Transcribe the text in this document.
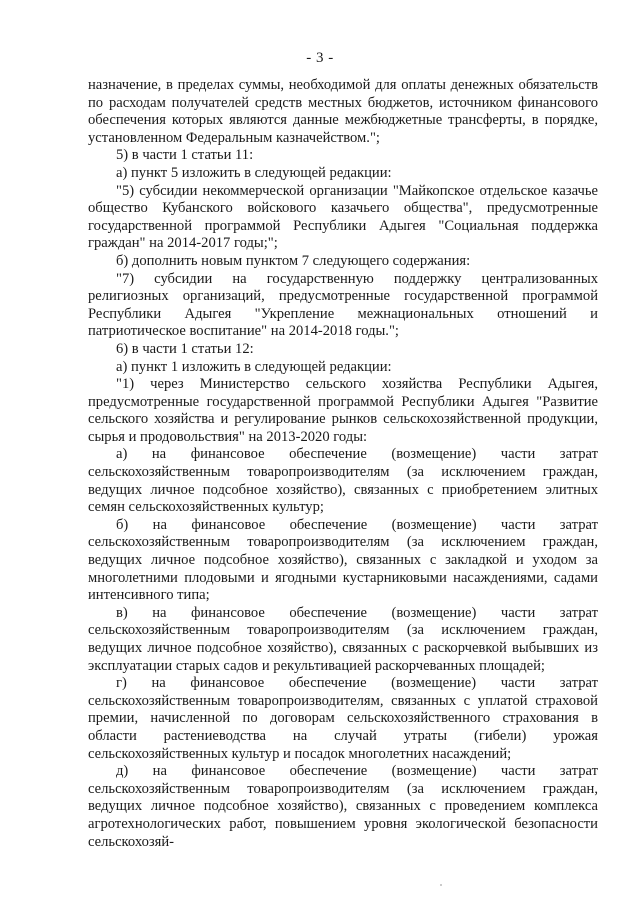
- 3 -

назначение, в пределах суммы, необходимой для оплаты денежных обязательств по расходам получателей средств местных бюджетов, источником финансового обеспечения которых являются данные межбюджетные трансферты, в порядке, установленном Федеральным казначейством.";

5) в части 1 статьи 11:

а) пункт 5 изложить в следующей редакции:

"5) субсидии некоммерческой организации "Майкопское отдельское казачье общество Кубанского войскового казачьего общества", предусмотренные государственной программой Республики Адыгея "Социальная поддержка граждан" на 2014-2017 годы;";

б) дополнить новым пунктом 7 следующего содержания:

"7) субсидии на государственную поддержку централизованных религиозных организаций, предусмотренные государственной программой Республики Адыгея "Укрепление межнациональных отношений и патриотическое воспитание" на 2014-2018 годы.";

6) в части 1 статьи 12:

а) пункт 1 изложить в следующей редакции:

"1) через Министерство сельского хозяйства Республики Адыгея, предусмотренные государственной программой Республики Адыгея "Развитие сельского хозяйства и регулирование рынков сельскохозяйственной продукции, сырья и продовольствия" на 2013-2020 годы:

а) на финансовое обеспечение (возмещение) части затрат сельскохозяйственным товаропроизводителям (за исключением граждан, ведущих личное подсобное хозяйство), связанных с приобретением элитных семян сельскохозяйственных культур;

б) на финансовое обеспечение (возмещение) части затрат сельскохозяйственным товаропроизводителям (за исключением граждан, ведущих личное подсобное хозяйство), связанных с закладкой и уходом за многолетними плодовыми и ягодными кустарниковыми насаждениями, садами интенсивного типа;

в) на финансовое обеспечение (возмещение) части затрат сельскохозяйственным товаропроизводителям (за исключением граждан, ведущих личное подсобное хозяйство), связанных с раскорчевкой выбывших из эксплуатации старых садов и рекультивацией раскорчеванных площадей;

г) на финансовое обеспечение (возмещение) части затрат сельскохозяйственным товаропроизводителям, связанных с уплатой страховой премии, начисленной по договорам сельскохозяйственного страхования в области растениеводства на случай утраты (гибели) урожая сельскохозяйственных культур и посадок многолетних насаждений;

д) на финансовое обеспечение (возмещение) части затрат сельскохозяйственным товаропроизводителям (за исключением граждан, ведущих личное подсобное хозяйство), связанных с проведением комплекса агротехнологических работ, повышением уровня экологической безопасности сельскохозяй-
